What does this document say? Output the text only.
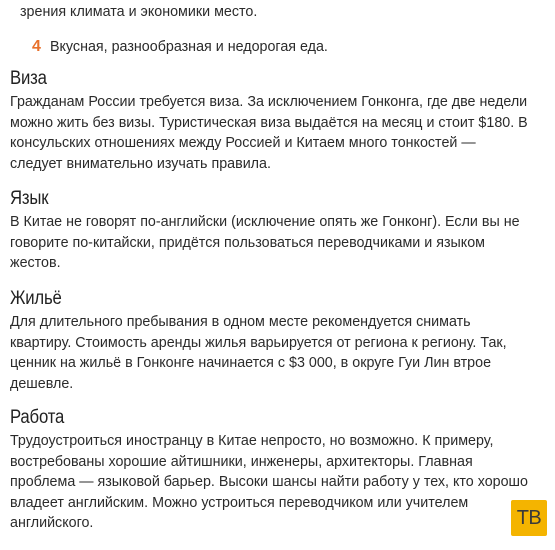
зрения климата и экономики место.
4 Вкусная, разнообразная и недорогая еда.
Виза

Гражданам России требуется виза. За исключением Гонконга, где две недели
можно жить без визы. Туристическая виза выдаётся на месяц и стоит $180. В
консульских отношениях между Россией и Китаем много тонкостей —
следует внимательно изучать правила.

Язык

В Китае не говорят по-английски (исключение опять же Гонконг). Если вы не
говорите по-китайски, придётся пользоваться переводчиками и языком
жестов.

Жильё

Для длительного пребывания в одном месте рекомендуется снимать
квартиру. Стоимость аренды жилья варьируется от региона к региону. Так,
ценник на жильё в Гонконге начинается с $3 000, в округе Гуи Лин втрое
дешевле.

Работа

Трудоустроиться иностранцу в Китае непросто, но возможно. К примеру,
востребованы хорошие айтишники, инженеры, архитекторы. Главная
проблема — языковой барьер. Высоки шансы найти работу у тех, кто хорошо
владеет английским. Можно устроиться переводчиком или учителем
английского.	ТВ
